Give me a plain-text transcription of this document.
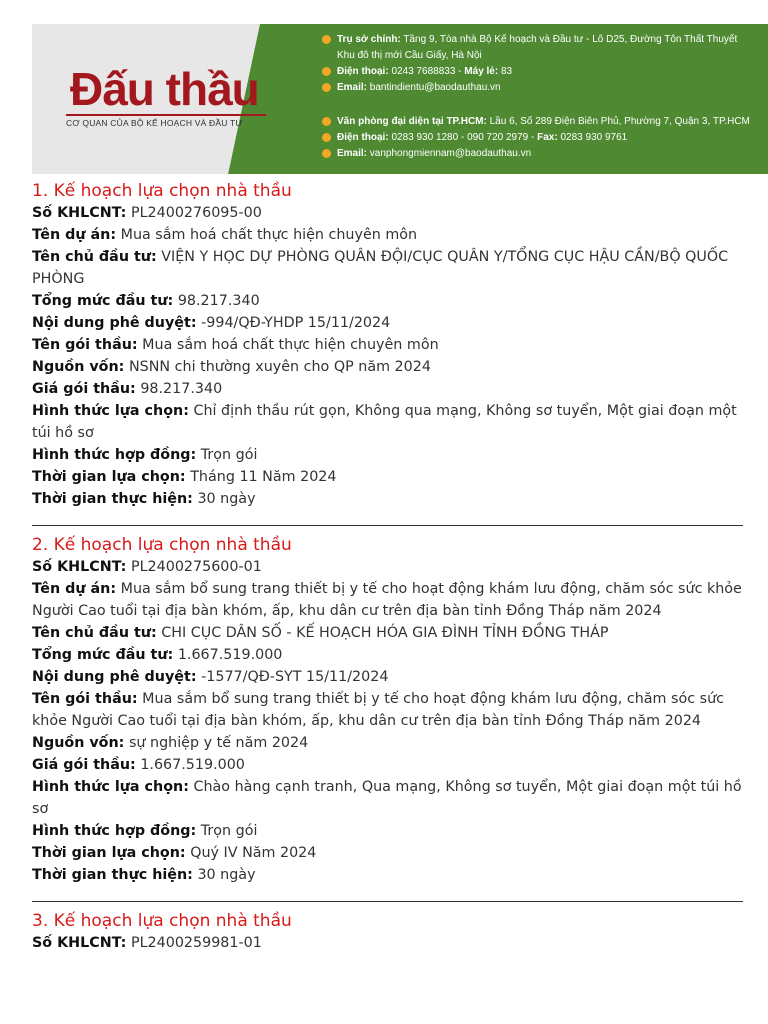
Đấu thầu
CƠ QUAN CỦA BỘ KẾ HOẠCH VÀ ĐẦU TƯ
Trụ sở chính: Tầng 9, Tòa nhà Bộ Kế hoạch và Đầu tư - Lô D25, Đường Tôn Thất Thuyết
Khu đô thị mới Cầu Giấy, Hà Nội
Điện thoại: 0243 7688833 - Máy lẻ: 83
Email: bantindientu@baodauthau.vn
Văn phòng đại diện tại TP.HCM: Lầu 6, Số 289 Điện Biên Phủ, Phường 7, Quận 3, TP.HCM
Điện thoại: 0283 930 1280 - 090 720 2979 - Fax: 0283 930 9761
Email: vanphongmiennam@baodauthau.vn
1. Kế hoạch lựa chọn nhà thầu
Số KHLCNT: PL2400276095-00
Tên dự án: Mua sắm hoá chất thực hiện chuyên môn
Tên chủ đầu tư: VIỆN Y HỌC DỰ PHÒNG QUÂN ĐỘI/CỤC QUÂN Y/TỔNG CỤC HẬU CẦN/BỘ QUỐC PHÒNG
Tổng mức đầu tư: 98.217.340
Nội dung phê duyệt: -994/QĐ-YHDP 15/11/2024
Tên gói thầu: Mua sắm hoá chất thực hiện chuyên môn
Nguồn vốn: NSNN chi thường xuyên cho QP năm 2024
Giá gói thầu: 98.217.340
Hình thức lựa chọn: Chỉ định thầu rút gọn, Không qua mạng, Không sơ tuyển, Một giai đoạn một túi hồ sơ
Hình thức hợp đồng: Trọn gói
Thời gian lựa chọn: Tháng 11 Năm 2024
Thời gian thực hiện: 30 ngày
2. Kế hoạch lựa chọn nhà thầu
Số KHLCNT: PL2400275600-01
Tên dự án: Mua sắm bổ sung trang thiết bị y tế cho hoạt động khám lưu động, chăm sóc sức khỏe Người Cao tuổi tại địa bàn khóm, ấp, khu dân cư trên địa bàn tỉnh Đồng Tháp năm 2024
Tên chủ đầu tư: CHI CỤC DÂN SỐ - KẾ HOẠCH HÓA GIA ĐÌNH TỈNH ĐỒNG THÁP
Tổng mức đầu tư: 1.667.519.000
Nội dung phê duyệt: -1577/QĐ-SYT 15/11/2024
Tên gói thầu: Mua sắm bổ sung trang thiết bị y tế cho hoạt động khám lưu động, chăm sóc sức khỏe Người Cao tuổi tại địa bàn khóm, ấp, khu dân cư trên địa bàn tỉnh Đồng Tháp năm 2024
Nguồn vốn: sự nghiệp y tế năm 2024
Giá gói thầu: 1.667.519.000
Hình thức lựa chọn: Chào hàng cạnh tranh, Qua mạng, Không sơ tuyển, Một giai đoạn một túi hồ sơ
Hình thức hợp đồng: Trọn gói
Thời gian lựa chọn: Quý IV Năm 2024
Thời gian thực hiện: 30 ngày
3. Kế hoạch lựa chọn nhà thầu
Số KHLCNT: PL2400259981-01
